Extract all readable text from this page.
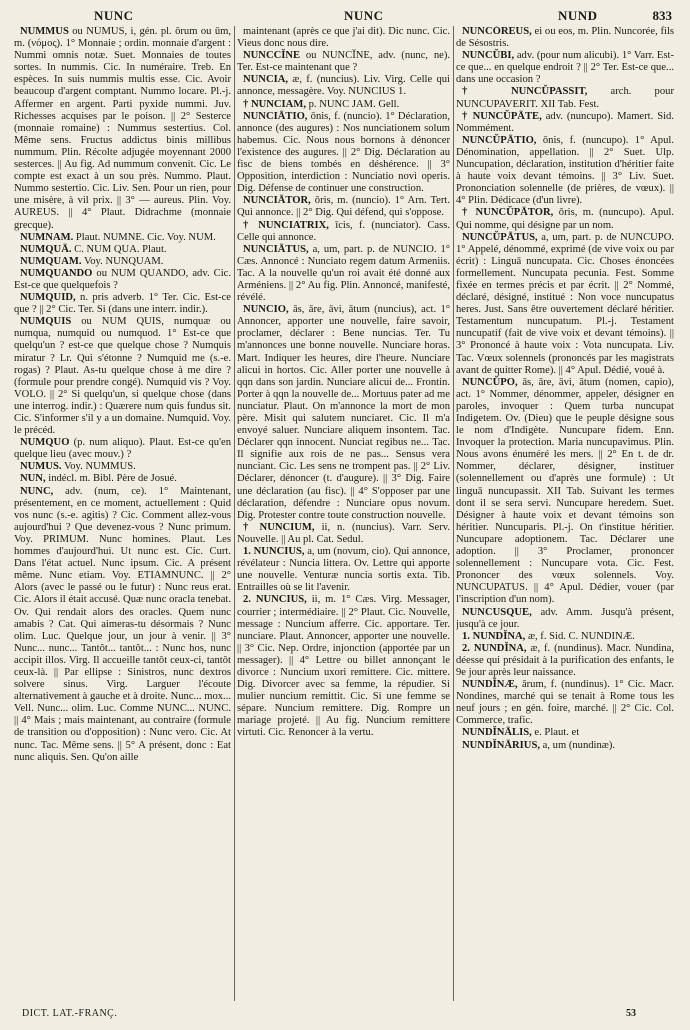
NUNC	NUNC	NUND	833

NUMMUS ou NŪMUS, i, gén. pl. ōrum ou ūm, m. (νόμος). 1° Monnaie ; ordin. monnaie d'argent : Nummi omnis notæ. Suet. Monnaies de toutes sortes. In nummis. Cic. In numéraire. Treb. En espèces. In suis nummis multis esse. Cic. Avoir beaucoup d'argent comptant. Nummo locare. Pl.-j. Affermer en argent. Parti pyxide nummi. Juv. Richesses acquises par le poison. || 2° Sesterce (monnaie romaine) : Nummus sestertius. Col. Même sens. Fructus addictus binis millibus nummum. Plin. Récolte adjugée moyennant 2000 sesterces. || Au fig. Ad nummum convenit. Cic. Le compte est exact à un sou près. Nummo. Plaut. Nummo sestertio. Cic. Liv. Sen. Pour un rien, pour une misère, à vil prix. || 3° — aureus. Plin. Voy. AUREUS. || 4° Plaut. Didrachme (monnaie grecque).

NUMNAM. Plaut. NUMNE. Cic. Voy. NUM.

NUMQUĀ. C. NUM QUA. Plaut.

NUMQUAM. Voy. NUNQUAM.

NUMQUANDO ou NUM QUANDO, adv. Cic. Est-ce que quelquefois ?

NUMQUID, n. pris adverb. 1° Ter. Cic. Est-ce que ? || 2° Cic. Ter. Si (dans une interr. indir.).

NUMQUIS ou NUM QUIS, numquæ ou numqua, numquid ou numquod. 1° Est-ce que quelqu'un ? est-ce que quelque chose ? Numquis miratur ? Lr. Qui s'étonne ? Numquid me (s.-e. rogas) ? Plaut. As-tu quelque chose à me dire ? (formule pour prendre congé). Numquid vis ? Voy. VOLO. || 2° Si quelqu'un, si quelque chose (dans une interrog. indir.) : Quærere num quis fundus sit. Cic. S'informer s'il y a un domaine. Numquid. Voy. le précéd.

NUMQUO (p. num aliquo). Plaut. Est-ce qu'en quelque lieu (avec mouv.) ?

NUMUS. Voy. NUMMUS.

NUN, indécl. m. Bibl. Père de Josué.

NUNC, adv. (num, ce). 1° Maintenant, présentement, en ce moment, actuellement : Quid vos nunc (s.-e. agitis) ? Cic. Comment allez-vous aujourd'hui ? Que devenez-vous ? Nunc primum. Voy. PRIMUM. Nunc homines. Plaut. Les hommes d'aujourd'hui. Ut nunc est. Cic. Curt. Dans l'état actuel. Nunc ipsum. Cic. A présent même. Nunc etiam. Voy. ETIAMNUNC. || 2° Alors (avec le passé ou le futur) : Nunc reus erat. Cic. Alors il était accusé. Quæ nunc oracla tenebat. Ov. Qui rendait alors des oracles. Quem nunc amabis ? Cat. Qui aimeras-tu désormais ? Nunc olim. Luc. Quelque jour, un jour à venir. || 3° Nunc... nunc... Tantôt... tantôt... : Nunc hos, nunc accipit illos. Virg. Il accueille tantôt ceux-ci, tantôt ceux-là. || Par ellipse : Sinistros, nunc dextros solvere sinus. Virg. Larguer l'écoute alternativement à gauche et à droite. Nunc... mox... Vell. Nunc... olim. Luc. Comme NUNC... NUNC. || 4° Mais ; mais maintenant, au contraire (formule de transition ou d'opposition) : Nunc vero. Cic. At nunc. Tac. Même sens. || 5° A présent, donc : Eat nunc aliquis. Sen. Qu'on aille

maintenant (après ce que j'ai dit). Dic nunc. Cic. Vieus donc nous dire.

NUNCCĬNE ou NUNCĬNE, adv. (nunc, ne). Ter. Est-ce maintenant que ?

NUNCIA, æ, f. (nuncius). Liv. Virg. Celle qui annonce, messagère. Voy. NUNCIUS 1.

† NUNCIAM, p. NUNC JAM. Gell.

NUNCIĀTIO, ōnis, f. (nuncio). 1° Déclaration, annonce (des augures) : Nos nunciationem solum habemus. Cic. Nous nous bornons à dénoncer l'existence des augures. || 2° Dig. Déclaration au fisc de biens tombés en déshérence. || 3° Opposition, interdiction : Nunciatio novi operis. Dig. Défense de continuer une construction.

NUNCIĀTOR, ōris, m. (nuncio). 1° Arn. Tert. Qui annonce. || 2° Dig. Qui défend, qui s'oppose.

† NUNCIATRIX, īcis, f. (nunciator). Cass. Celle qui annonce.

NUNCIĀTUS, a, um, part. p. de NUNCIO. 1° Cæs. Annoncé : Nunciato regem datum Armeniis. Tac. A la nouvelle qu'un roi avait été donné aux Arméniens. || 2° Au fig. Plin. Annoncé, manifesté, révélé.

NUNCIO, ās, āre, āvi, ātum (nuncius), act. 1° Annoncer, apporter une nouvelle, faire savoir, proclamer, déclarer : Bene nuncias. Ter. Tu m'annonces une bonne nouvelle. Nunciare horas. Mart. Indiquer les heures, dire l'heure. Nunciare alicui in hortos. Cic. Aller porter une nouvelle à qqn dans son jardin. Nunciare alicui de... Frontin. Porter à qqn la nouvelle de... Mortuus pater ad me nunciatur. Plaut. On m'annonce la mort de mon père. Misit qui salutem nunciaret. Cic. Il m'a envoyé saluer. Nunciare aliquem insontem. Tac. Déclarer qqn innocent. Nunciat regibus ne... Tac. Il signifie aux rois de ne pas... Sensus vera nunciant. Cic. Les sens ne trompent pas. || 2° Liv. Déclarer, dénoncer (t. d'augure). || 3° Dig. Faire une déclaration (au fisc). || 4° S'opposer par une déclaration, défendre : Nunciare opus novum. Dig. Protester contre toute construction nouvelle.

† NUNCIUM, ii, n. (nuncius). Varr. Serv. Nouvelle. || Au pl. Cat. Sedul.

1. NUNCIUS, a, um (novum, cio). Qui annonce, révélateur : Nuncia littera. Ov. Lettre qui apporte une nouvelle. Venturæ nuncia sortis exta. Tib. Entrailles où se lit l'avenir.

2. NUNCIUS, ii, m. 1° Cæs. Virg. Messager, courrier ; intermédiaire. || 2° Plaut. Cic. Nouvelle, message : Nuncium afferre. Cic. apportare. Ter. nunciare. Plaut. Annoncer, apporter une nouvelle. || 3° Cic. Nep. Ordre, injonction (apportée par un messager). || 4° Lettre ou billet annonçant le divorce : Nuncium uxori remittere. Cic. mittere. Dig. Divorcer avec sa femme, la répudier. Si mulier nuncium remittit. Cic. Si une femme se sépare. Nuncium remittere. Dig. Rompre un mariage projeté. || Au fig. Nuncium remittere virtuti. Cic. Renoncer à la vertu.

NUNCŎREUS, ei ou eos, m. Plin. Nuncorée, fils de Sésostris.

NUNCŬBI, adv. (pour num alicubi). 1° Varr. Est-ce que... en quelque endroit ? || 2° Ter. Est-ce que... dans une occasion ?

† NUNCŬPASSIT, arch. pour NUNCUPAVERIT. XII Tab. Fest.

† NUNCŬPĀTE, adv. (nuncupo). Mamert. Sid. Nommément.

NUNCŬPĀTIO, ōnis, f. (nuncupo). 1° Apul. Dénomination, appellation. || 2° Suet. Ulp. Nuncupation, déclaration, institution d'héritier faite à haute voix devant témoins. || 3° Liv. Suet. Prononciation solennelle (de prières, de vœux). || 4° Plin. Dédicace (d'un livre).

† NUNCŬPĀTOR, ōris, m. (nuncupo). Apul. Qui nomme, qui désigne par un nom.

NUNCŬPĀTUS, a, um, part. p. de NUNCUPO. 1° Appelé, dénommé, exprimé (de vive voix ou par écrit) : Linguā nuncupata. Cic. Choses énoncées formellement. Nuncupata pecunia. Fest. Somme fixée en termes précis et par écrit. || 2° Nommé, déclaré, désigné, institué : Non voce nuncupatus heres. Just. Sans être ouvertement déclaré héritier. Testamentum nuncupatum. Pl.-j. Testament nuncupatif (fait de vive voix et devant témoins). || 3° Prononcé à haute voix : Vota nuncupata. Liv. Tac. Vœux solennels (prononcés par les magistrats avant de quitter Rome). || 4° Apul. Dédié, voué à.

NUNCŬPO, ās, āre, āvi, ātum (nomen, capio), act. 1° Nommer, dénommer, appeler, désigner en paroles, invoquer : Quem turba nuncupat Indigetem. Ov. (Dieu) que le peuple désigne sous le nom d'Indigète. Nuncupare fidem. Enn. Invoquer la protection. Maria nuncupavimus. Plin. Nous avons énuméré les mers. || 2° En t. de dr. Nommer, déclarer, désigner, instituer (solennellement ou d'après une formule) : Ut linguā nuncupassit. XII Tab. Suivant les termes dont il se sera servi. Nuncupare heredem. Suet. Désigner à haute voix et devant témoins son héritier. Nuncuparis. Pl.-j. On t'institue héritier. Nuncupare adoptionem. Tac. Déclarer une adoption. || 3° Proclamer, prononcer solennellement : Nuncupare vota. Cic. Fest. Prononcer des vœux solennels. Voy. NUNCUPATUS. || 4° Apul. Dédier, vouer (par l'inscription d'un nom).

NUNCUSQUE, adv. Amm. Jusqu'à présent, jusqu'à ce jour.

1. NUNDĬNA, æ, f. Sid. C. NUNDINÆ.

2. NUNDĬNA, æ, f. (nundinus). Macr. Nundina, déesse qui présidait à la purification des enfants, le 9e jour après leur naissance.

NUNDĬNÆ, ārum, f. (nundinus). 1° Cic. Macr. Nondines, marché qui se tenait à Rome tous les neuf jours ; en gén. foire, marché. || 2° Cic. Col. Commerce, trafic.

NUNDĬNĀLIS, e. Plaut. et

NUNDĬNĀRIUS, a, um (nundinæ).

DICT. LAT.-FRANÇ.	53
